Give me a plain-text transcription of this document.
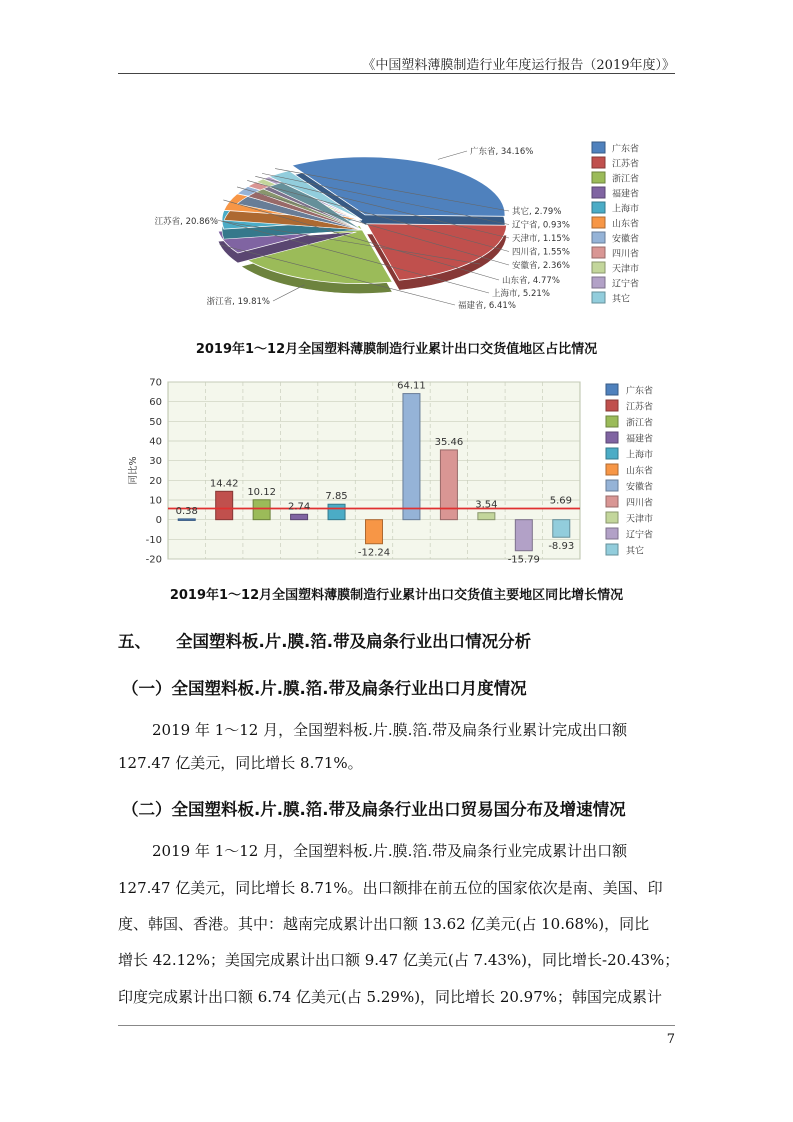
《中国塑料薄膜制造行业年度运行报告（2019年度）》
广东省, 34.16%
江苏省, 20.86%
浙江省, 19.81%	福建省, 6.41%
上海市, 5.21%
山东省, 4.77%
安徽省, 2.36%
四川省, 1.55%
天津市, 1.15%
辽宁省, 0.93%
其它, 2.79%
广东省
江苏省
浙江省
福建省
上海市
山东省
安徽省
四川省
天津市
辽宁省
其它
2019年1～12月全国塑料薄膜制造行业累计出口交货值地区占比情况
70
60
50
40
30
20
10
0
-10
-20
同比%
0.38
14.42
10.12
2.74
7.85
-12.24
64.11
35.46
3.54
-15.79
-8.93
5.69
广东省
江苏省
浙江省
福建省
上海市
山东省
安徽省
四川省
天津市
辽宁省
其它
2019年1～12月全国塑料薄膜制造行业累计出口交货值主要地区同比增长情况
五、 全国塑料板.片.膜.箔.带及扁条行业出口情况分析
（一）全国塑料板.片.膜.箔.带及扁条行业出口月度情况
2019 年 1～12 月，全国塑料板.片.膜.箔.带及扁条行业累计完成出口额
127.47 亿美元，同比增长 8.71%。
（二）全国塑料板.片.膜.箔.带及扁条行业出口贸易国分布及增速情况
2019 年 1～12 月，全国塑料板.片.膜.箔.带及扁条行业完成累计出口额
127.47 亿美元，同比增长 8.71%。出口额排在前五位的国家依次是南、美国、印
度、韩国、香港。其中：越南完成累计出口额 13.62 亿美元(占 10.68%)，同比
增长 42.12%；美国完成累计出口额 9.47 亿美元(占 7.43%)，同比增长-20.43%；
印度完成累计出口额 6.74 亿美元(占 5.29%)，同比增长 20.97%；韩国完成累计
7
